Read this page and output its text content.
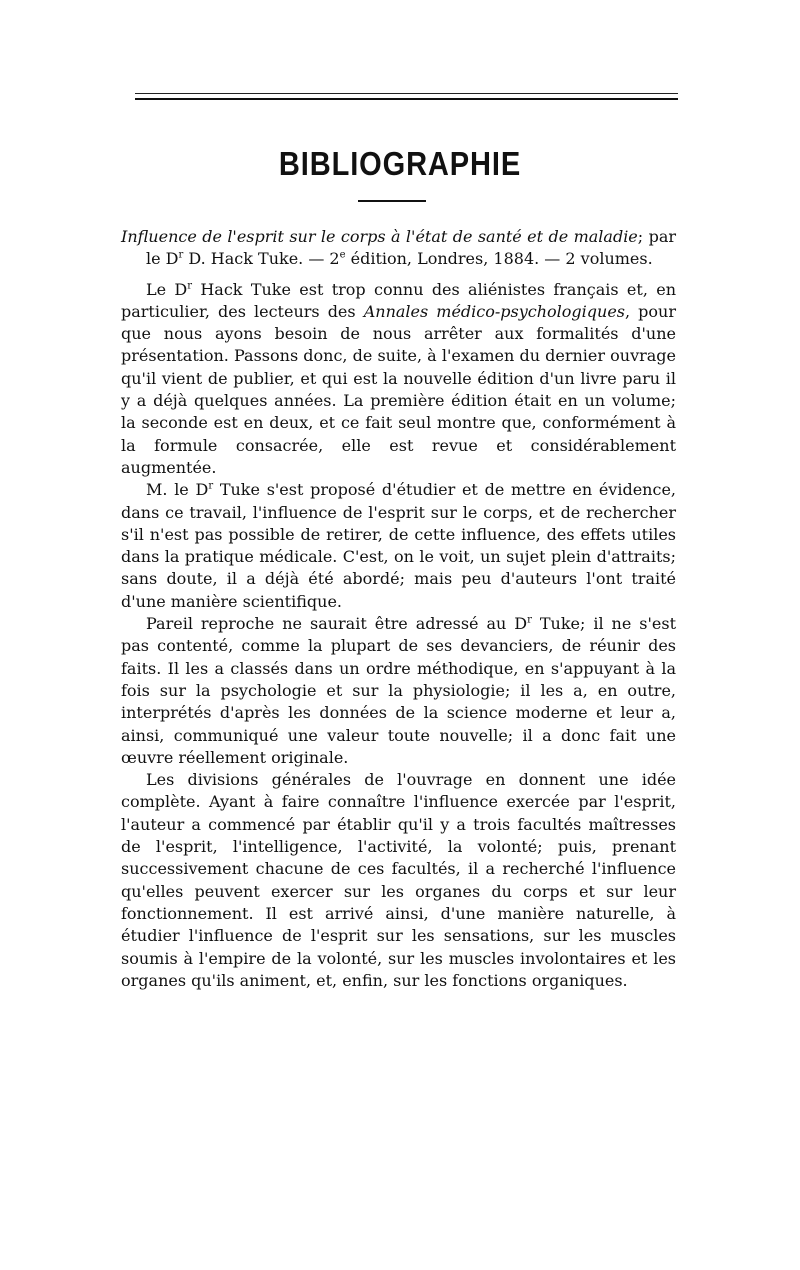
BIBLIOGRAPHIE

Influence de l'esprit sur le corps à l'état de santé et de maladie; par le $D^r$ D. Hack Tuke. — 2e édition, Londres, 1884. — 2 volumes.

Le $D^r$ Hack Tuke est trop connu des aliénistes français et, en particulier, des lecteurs des Annales médico-psychologiques, pour que nous ayons besoin de nous arrêter aux formalités d'une présentation. Passons donc, de suite, à l'examen du dernier ouvrage qu'il vient de publier, et qui est la nouvelle édition d'un livre paru il y a déjà quelques années. La première édition était en un volume; la seconde est en deux, et ce fait seul montre que, conformément à la formule consacrée, elle est revue et considérablement augmentée.

M. le $D^r$ Tuke s'est proposé d'étudier et de mettre en évidence, dans ce travail, l'influence de l'esprit sur le corps, et de rechercher s'il n'est pas possible de retirer, de cette influence, des effets utiles dans la pratique médicale. C'est, on le voit, un sujet plein d'attraits; sans doute, il a déjà été abordé; mais peu d'auteurs l'ont traité d'une manière scientifique.

Pareil reproche ne saurait être adressé au $D^r$ Tuke; il ne s'est pas contenté, comme la plupart de ses devanciers, de réunir des faits. Il les a classés dans un ordre méthodique, en s'appuyant à la fois sur la psychologie et sur la physiologie; il les a, en outre, interprétés d'après les données de la science moderne et leur a, ainsi, communiqué une valeur toute nouvelle; il a donc fait une œuvre réellement originale.

Les divisions générales de l'ouvrage en donnent une idée complète. Ayant à faire connaître l'influence exercée par l'esprit, l'auteur a commencé par établir qu'il y a trois facultés maîtresses de l'esprit, l'intelligence, l'activité, la volonté; puis, prenant successivement chacune de ces facultés, il a recherché l'influence qu'elles peuvent exercer sur les organes du corps et sur leur fonctionnement. Il est arrivé ainsi, d'une manière naturelle, à étudier l'influence de l'esprit sur les sensations, sur les muscles soumis à l'empire de la volonté, sur les muscles involontaires et les organes qu'ils animent, et, enfin, sur les fonctions organiques.
